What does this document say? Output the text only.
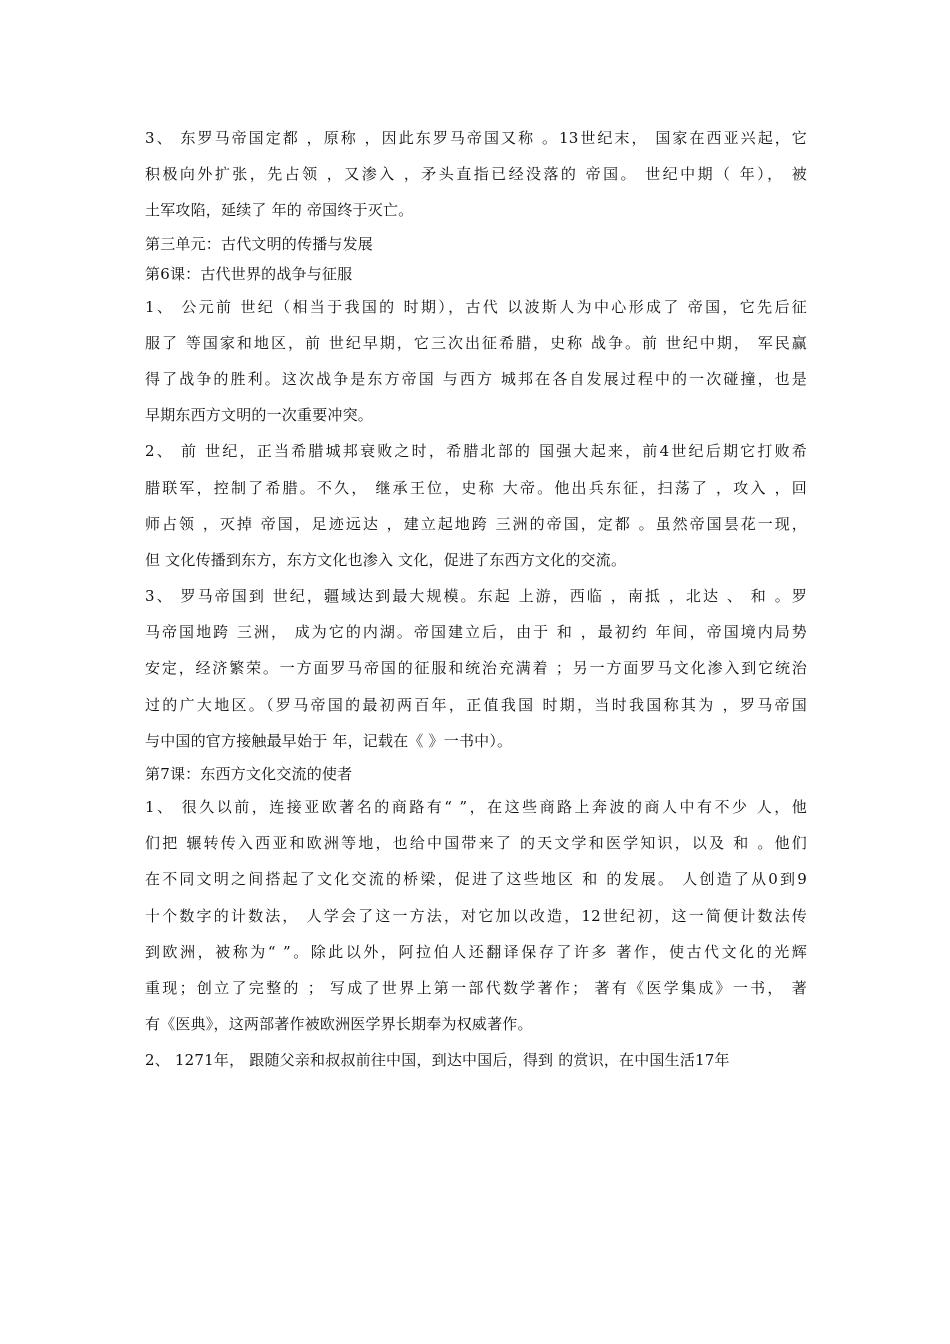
3、 东罗马帝国定都 ，原称 ，因此东罗马帝国又称 。13世纪末， 国家在西亚兴起，它
积极向外扩张，先占领 ，又渗入 ，矛头直指已经没落的 帝国。 世纪中期（ 年）， 被
土军攻陷，延续了 年的 帝国终于灭亡。
第三单元：古代文明的传播与发展
第6课：古代世界的战争与征服
1、 公元前 世纪（相当于我国的 时期），古代 以波斯人为中心形成了 帝国，它先后征
服了 等国家和地区，前 世纪早期，它三次出征希腊，史称 战争。前 世纪中期， 军民赢
得了战争的胜利。这次战争是东方帝国 与西方 城邦在各自发展过程中的一次碰撞，也是
早期东西方文明的一次重要冲突。
2、 前 世纪，正当希腊城邦衰败之时，希腊北部的 国强大起来，前4世纪后期它打败希
腊联军，控制了希腊。不久， 继承王位，史称 大帝。他出兵东征，扫荡了 ，攻入 ，回
师占领 ，灭掉 帝国，足迹远达 ，建立起地跨 三洲的帝国，定都 。虽然帝国昙花一现，
但 文化传播到东方，东方文化也渗入 文化，促进了东西方文化的交流。
3、 罗马帝国到 世纪，疆域达到最大规模。东起 上游，西临 ，南抵 ，北达 、 和 。罗
马帝国地跨 三洲， 成为它的内湖。帝国建立后，由于 和 ，最初约 年间，帝国境内局势
安定，经济繁荣。一方面罗马帝国的征服和统治充满着 ；另一方面罗马文化渗入到它统治
过的广大地区。（罗马帝国的最初两百年，正值我国 时期，当时我国称其为 ，罗马帝国
与中国的官方接触最早始于 年，记载在《 》一书中）。
第7课：东西方文化交流的使者
1、 很久以前，连接亚欧著名的商路有“ ”，在这些商路上奔波的商人中有不少 人，他
们把 辗转传入西亚和欧洲等地，也给中国带来了 的天文学和医学知识，以及 和 。他们
在不同文明之间搭起了文化交流的桥梁，促进了这些地区 和 的发展。 人创造了从0到9
十个数字的计数法， 人学会了这一方法，对它加以改造，12世纪初，这一简便计数法传
到欧洲，被称为“ ”。除此以外，阿拉伯人还翻译保存了许多 著作，使古代文化的光辉
重现；创立了完整的 ； 写成了世界上第一部代数学著作； 著有《医学集成》一书， 著
有《医典》，这两部著作被欧洲医学界长期奉为权威著作。
2、 1271年， 跟随父亲和叔叔前往中国，到达中国后，得到 的赏识，在中国生活17年
